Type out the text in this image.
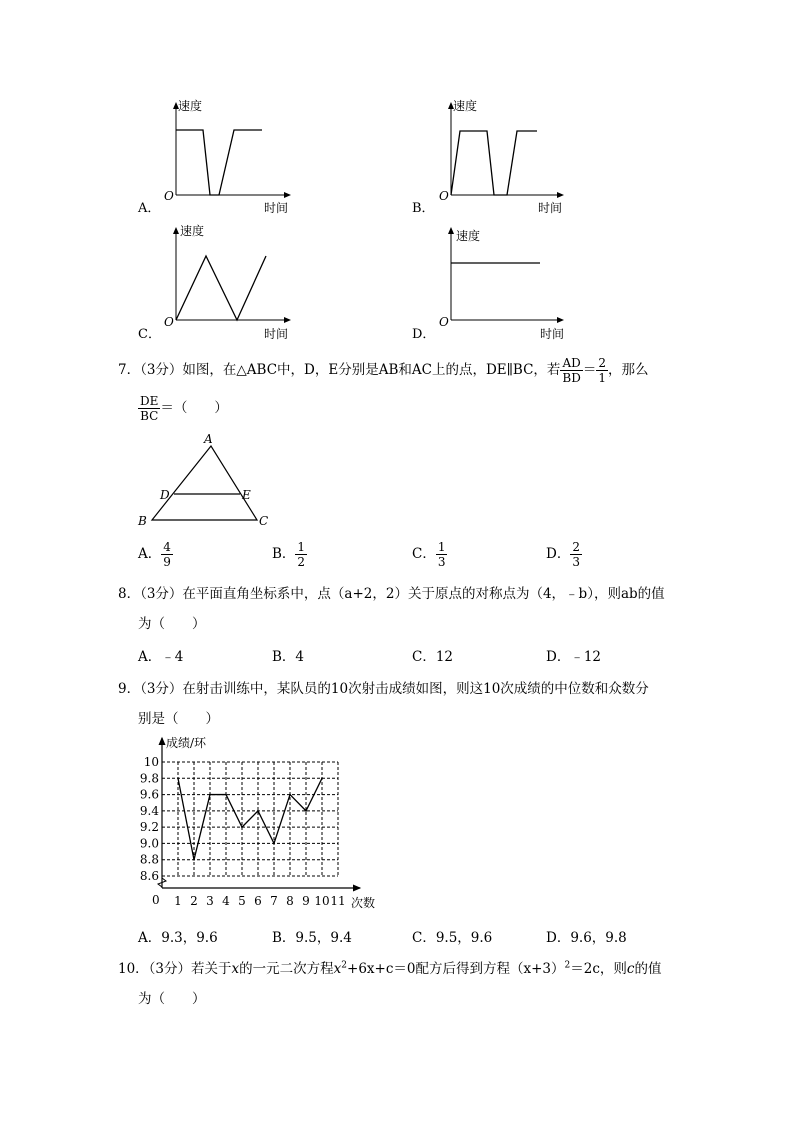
速度
时间
O
A．
速度
时间
O
B．
速度
时间
O
C．
速度
时间
O
D．
7．（3分）如图，在△ABC中，D，E分别是AB和AC上的点，DE∥BC，若 $\frac{AD}{BD} = \frac{2}{1}$ ，那么
$\frac{DE}{BC}$ ＝（　　）
A
B	C
D	E
A． $\frac{4}{9}$	B． $\frac{1}{2}$	C． $\frac{1}{3}$	D． $\frac{2}{3}$
8．（3分）在平面直角坐标系中，点（a+2，2）关于原点的对称点为（4，﹣b），则ab的值
为（　　）
A．﹣4	B．4	C．12	D．﹣12
9．（3分）在射击训练中，某队员的10次射击成绩如图，则这10次成绩的中位数和众数分
别是（　　）
8.6
8.8
9.0
9.2
9.4
9.6
9.8
10
1 2 3 4 5 6 7 8 9 10 11
成绩/环
次数
0
A．9.3，9.6	B．9.5，9.4	C．9.5，9.6	D．9.6，9.8
10．（3分）若关于x的一元二次方程$x^2+6x+c=0$配方后得到方程$(x+3)^2=2c$，则c的值
为（　　）
